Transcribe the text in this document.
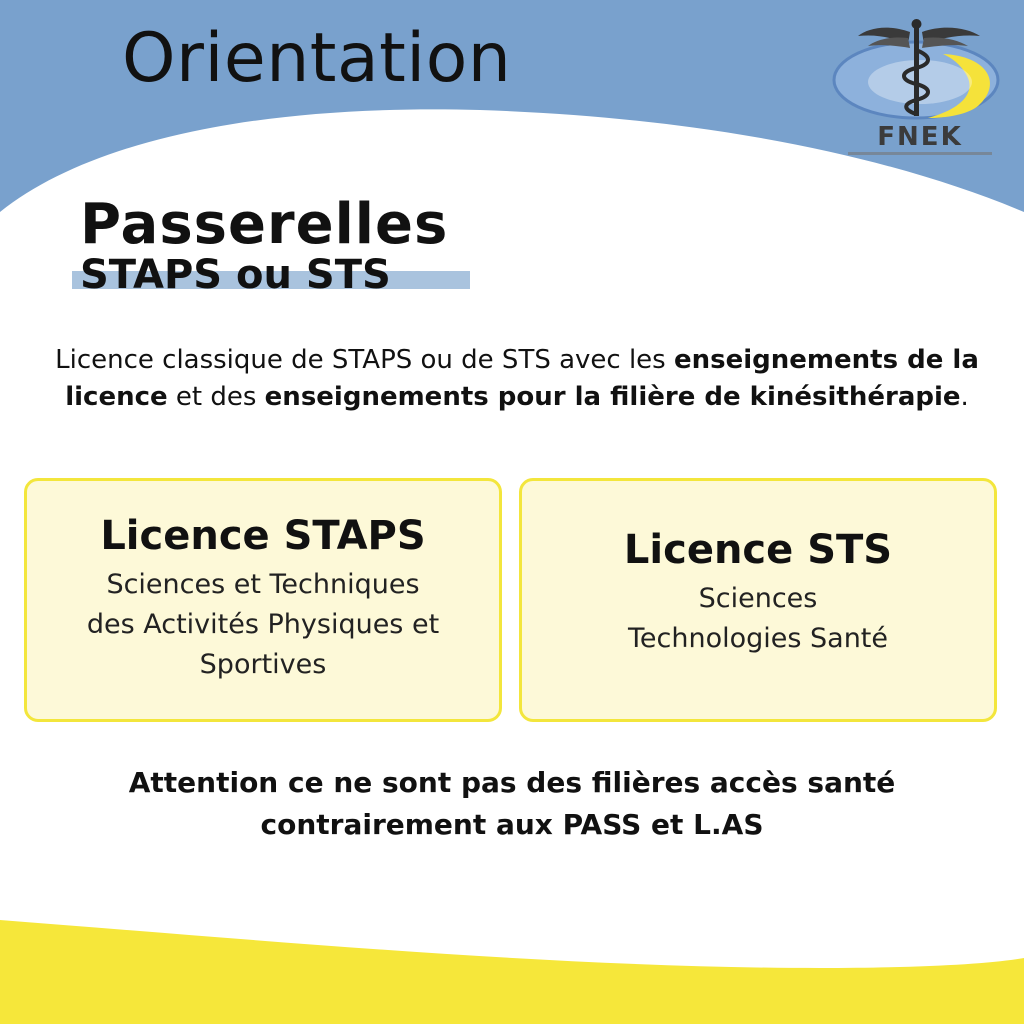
Orientation
FNEK
Passerelles
STAPS ou STS
Licence classique de STAPS ou de STS avec les enseignements de la licence et des enseignements pour la filière de kinésithérapie.
Licence STAPS
Sciences et Techniques
des Activités Physiques et
Sportives
Licence STS
Sciences
Technologies Santé
Attention ce ne sont pas des filières accès santé
contrairement aux PASS et L.AS
